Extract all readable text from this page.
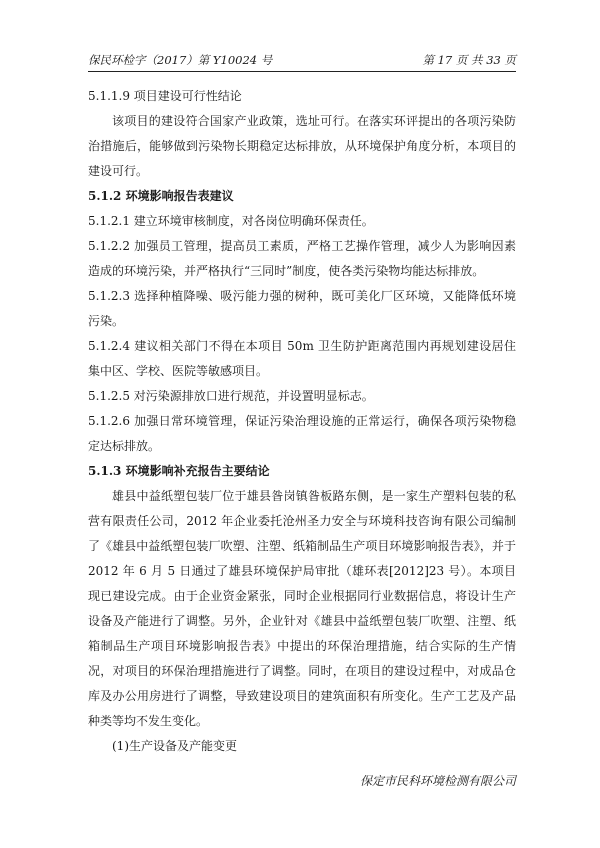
保民环检字（2017）第 Y10024 号	第 17 页 共 33 页

5.1.1.9 项目建设可行性结论

该项目的建设符合国家产业政策，选址可行。在落实环评提出的各项污染防治措施后，能够做到污染物长期稳定达标排放，从环境保护角度分析，本项目的建设可行。

5.1.2 环境影响报告表建议

5.1.2.1 建立环境审核制度，对各岗位明确环保责任。

5.1.2.2 加强员工管理，提高员工素质，严格工艺操作管理，减少人为影响因素造成的环境污染，并严格执行“三同时”制度，使各类污染物均能达标排放。

5.1.2.3 选择种植降噪、吸污能力强的树种，既可美化厂区环境，又能降低环境污染。

5.1.2.4 建议相关部门不得在本项目 50m 卫生防护距离范围内再规划建设居住集中区、学校、医院等敏感项目。

5.1.2.5 对污染源排放口进行规范，并设置明显标志。

5.1.2.6 加强日常环境管理，保证污染治理设施的正常运行，确保各项污染物稳定达标排放。

5.1.3 环境影响补充报告主要结论

雄县中益纸塑包装厂位于雄县昝岗镇昝板路东侧，是一家生产塑料包装的私营有限责任公司，2012 年企业委托沧州圣力安全与环境科技咨询有限公司编制了《雄县中益纸塑包装厂吹塑、注塑、纸箱制品生产项目环境影响报告表》，并于 2012 年 6 月 5 日通过了雄县环境保护局审批（雄环表[2012]23 号）。本项目现已建设完成。由于企业资金紧张，同时企业根据同行业数据信息，将设计生产设备及产能进行了调整。另外，企业针对《雄县中益纸塑包装厂吹塑、注塑、纸箱制品生产项目环境影响报告表》中提出的环保治理措施，结合实际的生产情况，对项目的环保治理措施进行了调整。同时，在项目的建设过程中，对成品仓库及办公用房进行了调整，导致建设项目的建筑面积有所变化。生产工艺及产品种类等均不发生变化。

(1)生产设备及产能变更

保定市民科环境检测有限公司
